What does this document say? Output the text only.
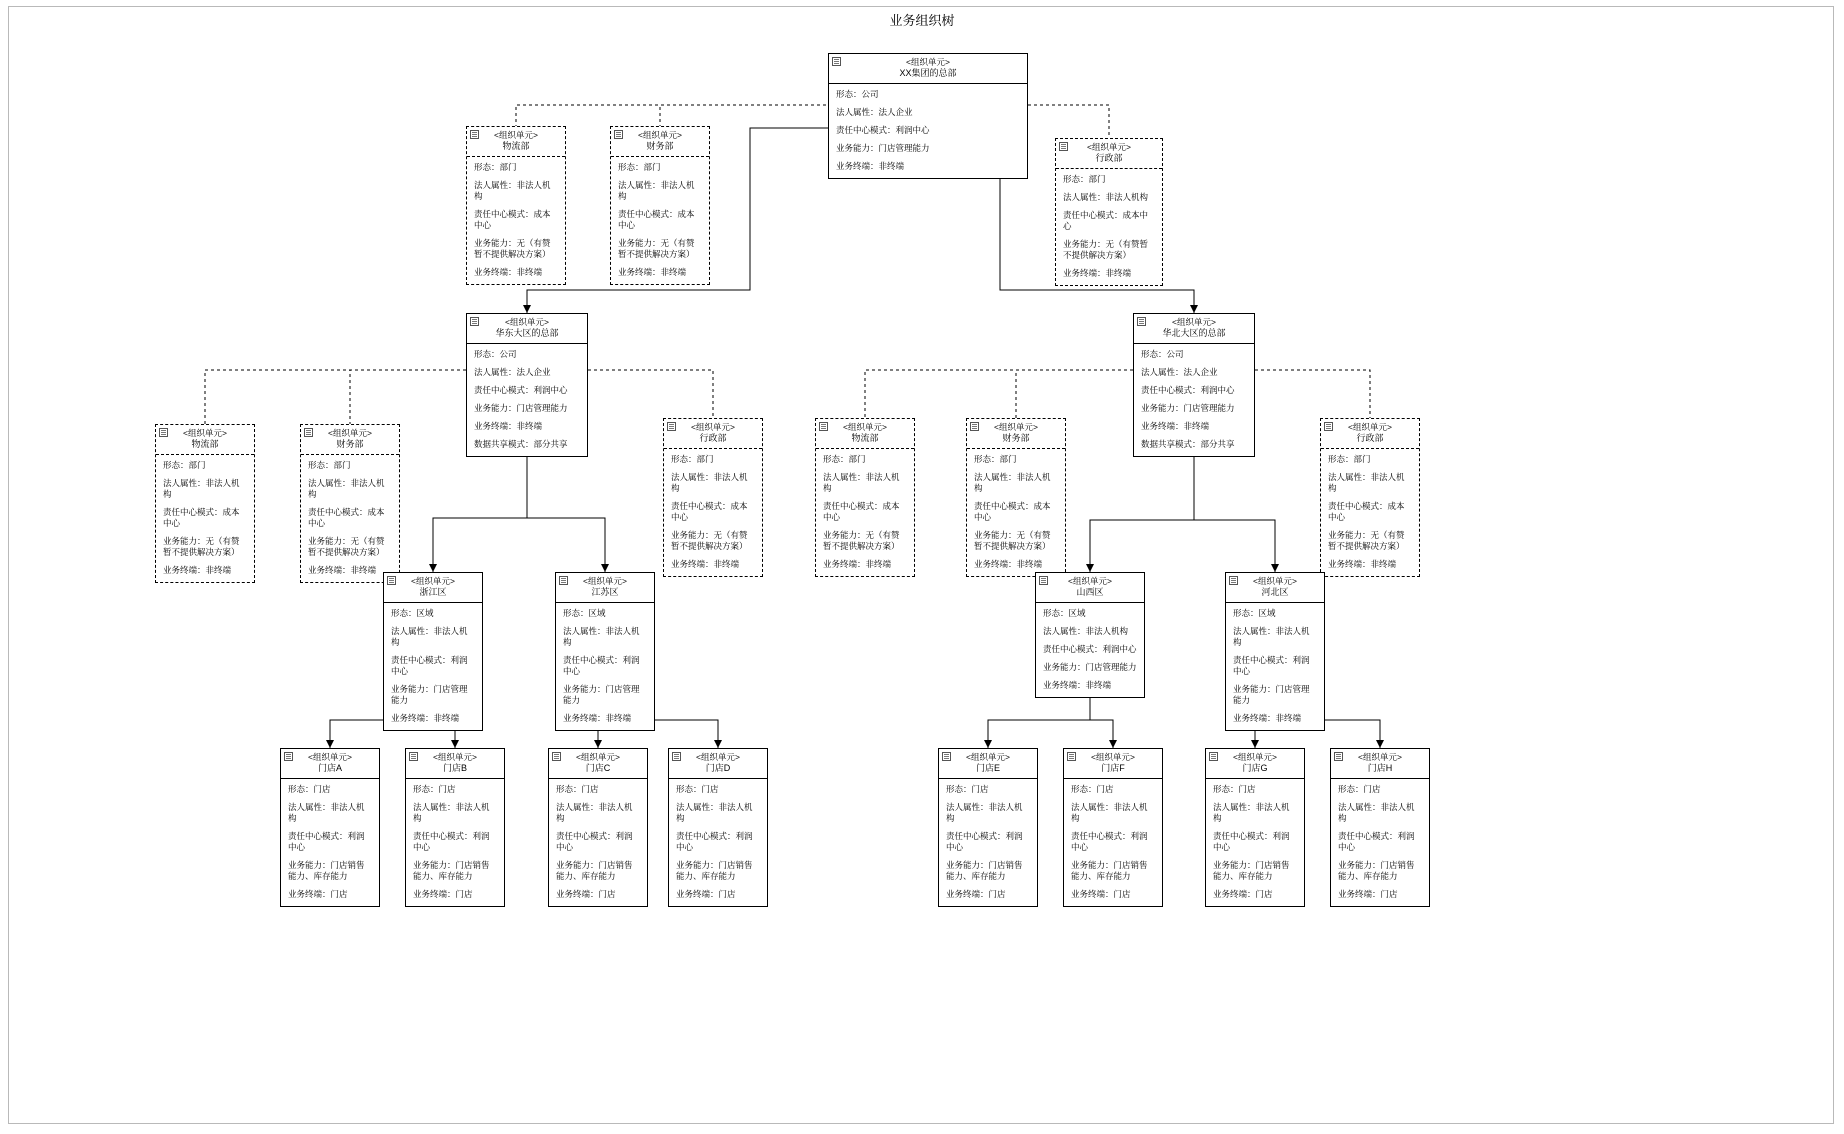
业务组织树
<组织单元>
XX集团的总部
形态：公司
法人属性：法人企业
责任中心模式：利润中心
业务能力：门店管理能力
业务终端：非终端
<组织单元>
物流部
形态：部门
法人属性：非法人机构
责任中心模式：成本中心
业务能力：无（有赞暂不提供解决方案）
业务终端：非终端
<组织单元>
财务部
形态：部门
法人属性：非法人机构
责任中心模式：成本中心
业务能力：无（有赞暂不提供解决方案）
业务终端：非终端
<组织单元>
行政部
形态：部门
法人属性：非法人机构
责任中心模式：成本中心
业务能力：无（有赞暂不提供解决方案）
业务终端：非终端
<组织单元>
华东大区的总部
形态：公司
法人属性：法人企业
责任中心模式：利润中心
业务能力：门店管理能力
业务终端：非终端
数据共享模式：部分共享
<组织单元>
华北大区的总部
形态：公司
法人属性：法人企业
责任中心模式：利润中心
业务能力：门店管理能力
业务终端：非终端
数据共享模式：部分共享
<组织单元>
物流部
形态：部门
法人属性：非法人机构
责任中心模式：成本中心
业务能力：无（有赞暂不提供解决方案）
业务终端：非终端
<组织单元>
财务部
形态：部门
法人属性：非法人机构
责任中心模式：成本中心
业务能力：无（有赞暂不提供解决方案）
业务终端：非终端
<组织单元>
行政部
形态：部门
法人属性：非法人机构
责任中心模式：成本中心
业务能力：无（有赞暂不提供解决方案）
业务终端：非终端
<组织单元>
物流部
形态：部门
法人属性：非法人机构
责任中心模式：成本中心
业务能力：无（有赞暂不提供解决方案）
业务终端：非终端
<组织单元>
财务部
形态：部门
法人属性：非法人机构
责任中心模式：成本中心
业务能力：无（有赞暂不提供解决方案）
业务终端：非终端
<组织单元>
行政部
形态：部门
法人属性：非法人机构
责任中心模式：成本中心
业务能力：无（有赞暂不提供解决方案）
业务终端：非终端
<组织单元>
浙江区
形态：区域
法人属性：非法人机构
责任中心模式：利润中心
业务能力：门店管理能力
业务终端：非终端
<组织单元>
江苏区
形态：区域
法人属性：非法人机构
责任中心模式：利润中心
业务能力：门店管理能力
业务终端：非终端
<组织单元>
山西区
形态：区域
法人属性：非法人机构
责任中心模式：利润中心
业务能力：门店管理能力
业务终端：非终端
<组织单元>
河北区
形态：区域
法人属性：非法人机构
责任中心模式：利润中心
业务能力：门店管理能力
业务终端：非终端
<组织单元>
门店A
形态：门店
法人属性：非法人机构
责任中心模式：利润中心
业务能力：门店销售能力、库存能力
业务终端：门店
<组织单元>
门店B
形态：门店
法人属性：非法人机构
责任中心模式：利润中心
业务能力：门店销售能力、库存能力
业务终端：门店
<组织单元>
门店C
形态：门店
法人属性：非法人机构
责任中心模式：利润中心
业务能力：门店销售能力、库存能力
业务终端：门店
<组织单元>
门店D
形态：门店
法人属性：非法人机构
责任中心模式：利润中心
业务能力：门店销售能力、库存能力
业务终端：门店
<组织单元>
门店E
形态：门店
法人属性：非法人机构
责任中心模式：利润中心
业务能力：门店销售能力、库存能力
业务终端：门店
<组织单元>
门店F
形态：门店
法人属性：非法人机构
责任中心模式：利润中心
业务能力：门店销售能力、库存能力
业务终端：门店
<组织单元>
门店G
形态：门店
法人属性：非法人机构
责任中心模式：利润中心
业务能力：门店销售能力、库存能力
业务终端：门店
<组织单元>
门店H
形态：门店
法人属性：非法人机构
责任中心模式：利润中心
业务能力：门店销售能力、库存能力
业务终端：门店
